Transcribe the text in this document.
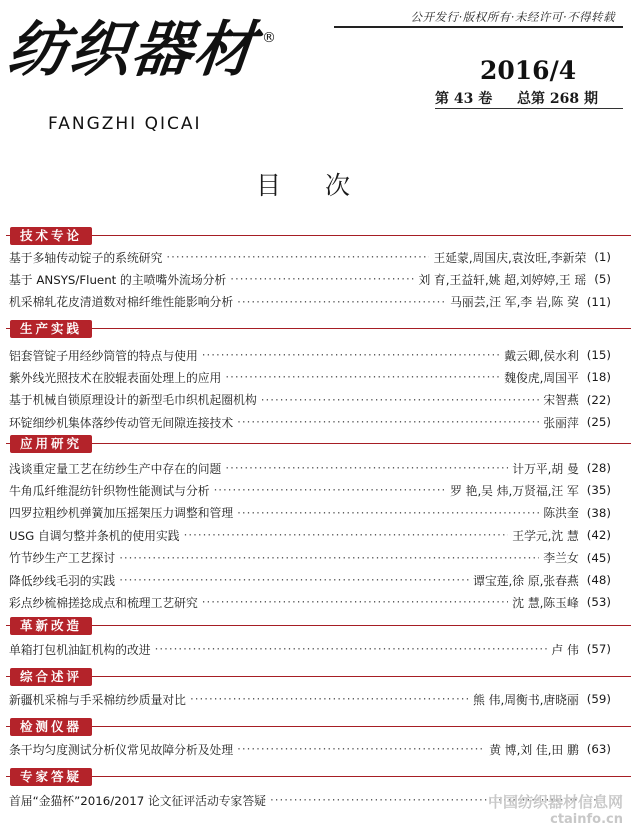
公开发行·版权所有·未经许可·不得转载
纺织器材 ®
FANGZHI QICAI
2016/4
第 43 卷 总第 268 期
目次
技术专论
基于多轴传动锭子的系统研究 ·····	王延蒙,周国庆,袁汝旺,李新荣 (1)
基于 ANSYS/Fluent 的主喷嘴外流场分析 ·····	刘 育,王益轩,姚 超,刘婷婷,王 瑶 (5)
机采棉轧花皮清道数对棉纤维性能影响分析 ·····	马丽芸,汪 军,李 岩,陈 巭 (11)
生产实践
铝套管锭子用经纱筒管的特点与使用 ·····	戴云卿,侯水利 (15)
紫外线光照技术在胶辊表面处理上的应用 ·····	魏俊虎,周国平 (18)
基于机械自锁原理设计的新型毛巾织机起圈机构 ·····	宋智燕 (22)
环锭细纱机集体落纱传动管无间隙连接技术 ·····	张丽萍 (25)
应用研究
浅谈重定量工艺在纺纱生产中存在的问题 ·····	计万平,胡 曼 (28)
牛角瓜纤维混纺针织物性能测试与分析 ·····	罗 艳,吴 炜,万贤福,汪 军 (35)
四罗拉粗纱机弹簧加压摇架压力调整和管理 ·····	陈洪奎 (38)
USG 自调匀整并条机的使用实践 ·····	王学元,沈 慧 (42)
竹节纱生产工艺探讨 ·····	李兰女 (45)
降低纱线毛羽的实践 ·····	谭宝莲,徐 原,张春燕 (48)
彩点纱梳棉搓捻成点和梳理工艺研究 ·····	沈 慧,陈玉峰 (53)
革新改造
单箱打包机油缸机构的改进 ·····	卢 伟 (57)
综合述评
新疆机采棉与手采棉纺纱质量对比 ·····	熊 伟,周衡书,唐晓丽 (59)
检测仪器
条干均匀度测试分析仪常见故障分析及处理 ·····	黄 博,刘 佳,田 鹏 (63)
专家答疑
首届“金猫杯”2016/2017 论文征评活动专家答疑 ·····	中国纺织器材信息网
ctainfo.cn
